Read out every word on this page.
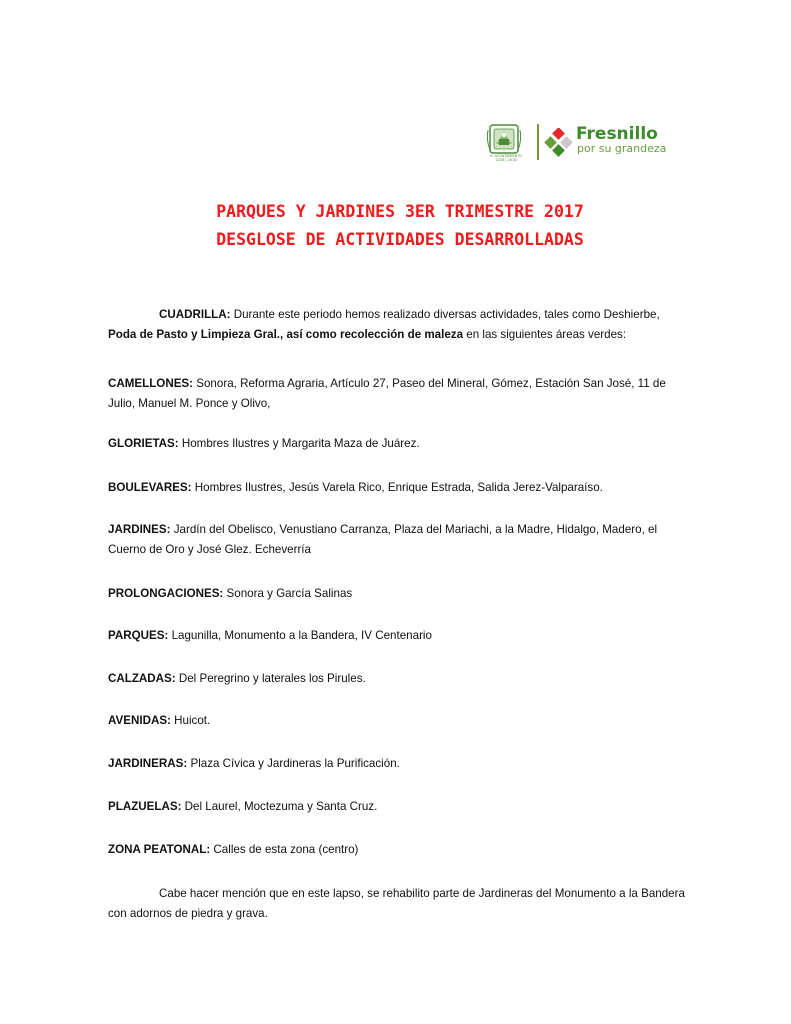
H. AYUNTAMIENTO
2016 | 2018
Fresnillo
por su grandeza
PARQUES Y JARDINES 3ER TRIMESTRE 2017
DESGLOSE DE ACTIVIDADES DESARROLLADAS

CUADRILLA: Durante este periodo hemos realizado diversas actividades, tales como Deshierbe, Poda de Pasto y Limpieza Gral., así como recolección de maleza en las siguientes áreas verdes:

CAMELLONES: Sonora, Reforma Agraria, Artículo 27, Paseo del Mineral, Gómez, Estación San José, 11 de Julio, Manuel M. Ponce y Olivo,

GLORIETAS: Hombres Ilustres y Margarita Maza de Juárez.

BOULEVARES: Hombres Ilustres, Jesús Varela Rico, Enrique Estrada, Salida Jerez-Valparaíso.

JARDINES: Jardín del Obelisco, Venustiano Carranza, Plaza del Mariachi, a la Madre, Hidalgo, Madero, el Cuerno de Oro y José Glez. Echeverría

PROLONGACIONES: Sonora y García Salinas

PARQUES: Lagunilla, Monumento a la Bandera, IV Centenario

CALZADAS: Del Peregrino y laterales los Pirules.

AVENIDAS: Huicot.

JARDINERAS: Plaza Cívica y Jardineras la Purificación.

PLAZUELAS: Del Laurel, Moctezuma y Santa Cruz.

ZONA PEATONAL: Calles de esta zona (centro)

Cabe hacer mención que en este lapso, se rehabilito parte de Jardineras del Monumento a la Bandera con adornos de piedra y grava.
